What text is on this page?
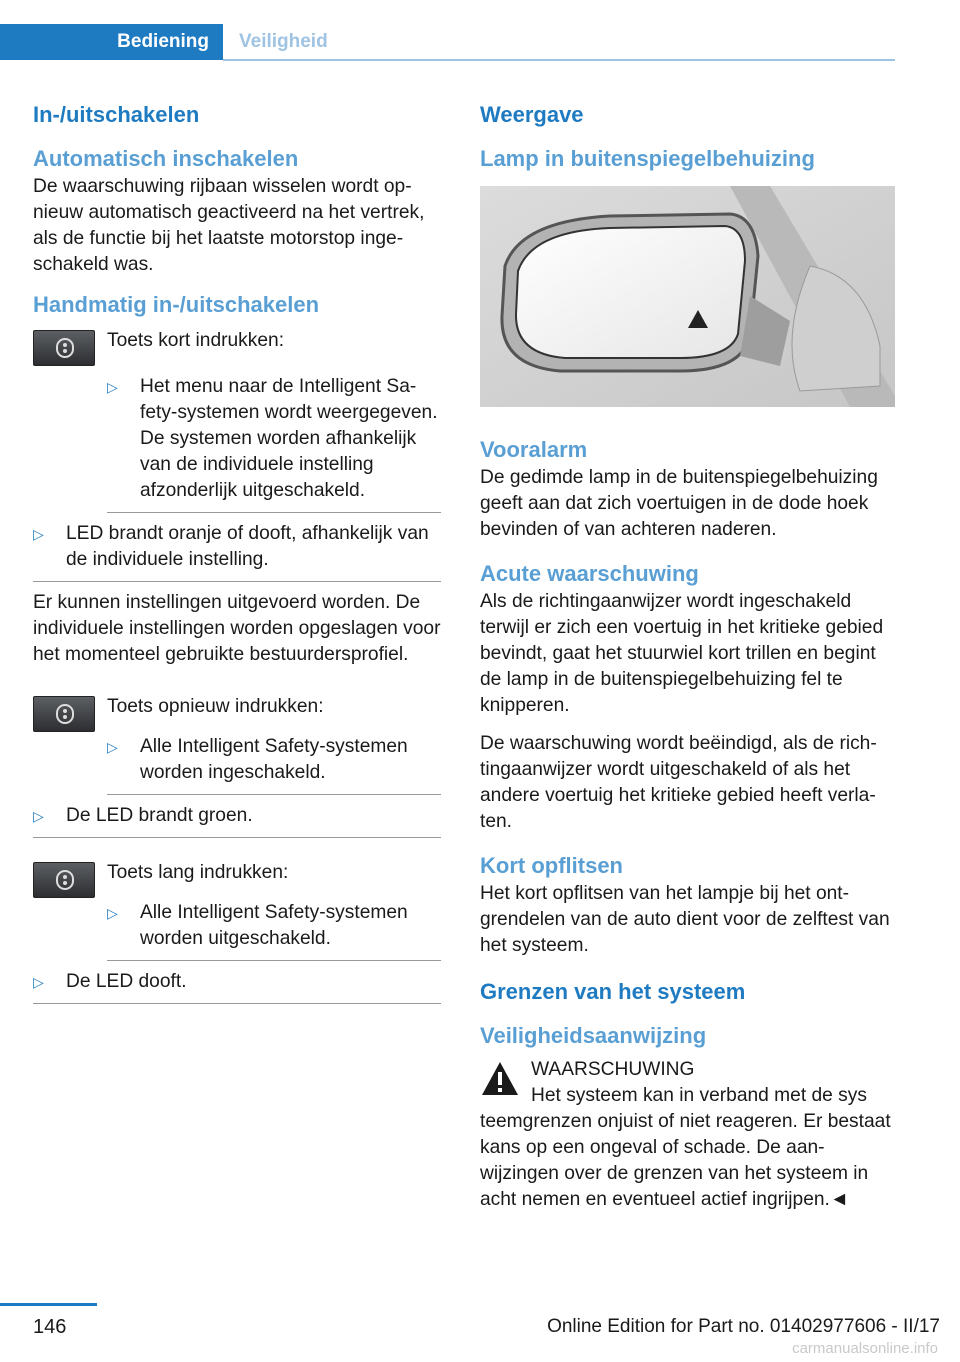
Bediening	Veiligheid
In-/uitschakelen
Automatisch inschakelen

De waarschuwing rijbaan wisselen wordt opnieuw automatisch geactiveerd na het vertrek, als de functie bij het laatste motorstop ingeschakeld was.

Handmatig in-/uitschakelen
Toets kort indrukken:
▷ Het menu naar de Intelligent Safety-systemen wordt weergegeven. De systemen worden afhankelijk van de individuele instelling afzonderlijk uitgeschakeld.
▷ LED brandt oranje of dooft, afhankelijk van de individuele instelling.

Er kunnen instellingen uitgevoerd worden. De individuele instellingen worden opgeslagen voor het momenteel gebruikte bestuurdersprofiel.

Toets opnieuw indrukken:
▷ Alle Intelligent Safety-systemen worden ingeschakeld.
▷ De LED brandt groen.
Toets lang indrukken:
▷ Alle Intelligent Safety-systemen worden uitgeschakeld.
▷ De LED dooft.
Weergave
Lamp in buitenspiegelbehuizing
Vooralarm

De gedimde lamp in de buitenspiegelbehuizing geeft aan dat zich voertuigen in de dode hoek bevinden of van achteren naderen.

Acute waarschuwing

Als de richtingaanwijzer wordt ingeschakeld terwijl er zich een voertuig in het kritieke gebied bevindt, gaat het stuurwiel kort trillen en begint de lamp in de buitenspiegelbehuizing fel te knipperen.

De waarschuwing wordt beëindigd, als de richtingaanwijzer wordt uitgeschakeld of als het andere voertuig het kritieke gebied heeft verlaten.

Kort opflitsen

Het kort opflitsen van het lampje bij het ontgrendelen van de auto dient voor de zelftest van het systeem.

Grenzen van het systeem
Veiligheidsaanwijzing
WAARSCHUWING
Het systeem kan in verband met de sys
teemgrenzen onjuist of niet reageren. Er bestaat kans op een ongeval of schade. De aanwijzingen over de grenzen van het systeem in acht nemen en eventueel actief ingrijpen.◄
146	Online Edition for Part no. 01402977606 - II/17
carmanualsonline.info
